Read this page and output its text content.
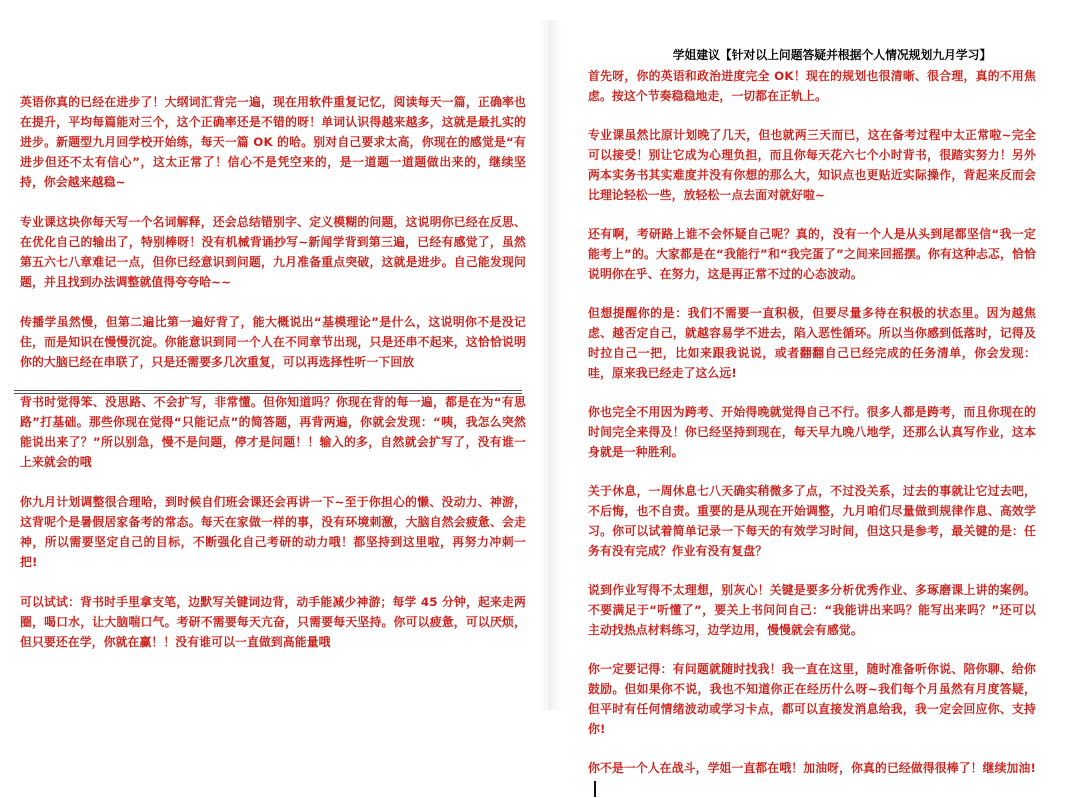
英语你真的已经在进步了！大纲词汇背完一遍，现在用软件重复记忆，阅读每天一篇，正确率也在提升，平均每篇能对三个，这个正确率还是不错的呀！单词认识得越来越多，这就是最扎实的进步。新题型九月回学校开始练，每天一篇 OK 的哈。别对自己要求太高，你现在的感觉是“有进步但还不太有信心”，这太正常了！信心不是凭空来的，是一道题一道题做出来的，继续坚持，你会越来越稳~

专业课这块你每天写一个名词解释，还会总结错别字、定义模糊的问题，这说明你已经在反思、在优化自己的输出了，特别棒呀！没有机械背诵抄写~新闻学背到第三遍，已经有感觉了，虽然第五六七八章难记一点，但你已经意识到问题，九月准备重点突破，这就是进步。自己能发现问题，并且找到办法调整就值得夸夸哈~~

传播学虽然慢，但第二遍比第一遍好背了，能大概说出“基模理论”是什么，这说明你不是没记住，而是知识在慢慢沉淀。你能意识到同一个人在不同章节出现，只是还串不起来，这恰恰说明你的大脑已经在串联了，只是还需要多几次重复，可以再选择性听一下回放

背书时觉得笨、没思路、不会扩写，非常懂。但你知道吗？你现在背的每一遍，都是在为“有思路”打基础。那些你现在觉得“只能记点”的简答题，再背两遍，你就会发现：“咦，我怎么突然能说出来了？”所以别急，慢不是问题，停才是问题！！输入的多，自然就会扩写了，没有谁一上来就会的哦

你九月计划调整很合理哈，到时候自们班会课还会再讲一下~至于你担心的懒、没动力、神游，这背呢个是暑假居家备考的常态。每天在家做一样的事，没有环境刺激，大脑自然会疲惫、会走神，所以需要坚定自己的目标，不断强化自己考研的动力哦！都坚持到这里啦，再努力冲刺一把!

可以试试：背书时手里拿支笔，边默写关键词边背，动手能减少神游；每学 45 分钟，起来走两圈，喝口水，让大脑喘口气。考研不需要每天亢奋，只需要每天坚持。你可以疲惫，可以厌烦，但只要还在学，你就在赢！！没有谁可以一直做到高能量哦

学姐建议【针对以上问题答疑并根据个人情况规划九月学习】

首先呀，你的英语和政治进度完全 OK！现在的规划也很清晰、很合理，真的不用焦虑。按这个节奏稳稳地走，一切都在正轨上。

专业课虽然比原计划晚了几天，但也就两三天而已，这在备考过程中太正常啦~完全可以接受！别让它成为心理负担，而且你每天花六七个小时背书，很踏实努力！另外两本实务书其实难度并没有你想的那么大，知识点也更贴近实际操作，背起来反而会比理论轻松一些，放轻松一点去面对就好啦~

还有啊，考研路上谁不会怀疑自己呢？真的，没有一个人是从头到尾都坚信“我一定能考上”的。大家都是在“我能行”和“我完蛋了”之间来回摇摆。你有这种忐忑，恰恰说明你在乎、在努力，这是再正常不过的心态波动。

但想提醒你的是：我们不需要一直积极，但要尽量多待在积极的状态里。因为越焦虑、越否定自己，就越容易学不进去，陷入恶性循环。所以当你感到低落时，记得及时拉自己一把，比如来跟我说说，或者翻翻自己已经完成的任务清单，你会发现：哇，原来我已经走了这么远!

你也完全不用因为跨考、开始得晚就觉得自己不行。很多人都是跨考，而且你现在的时间完全来得及！你已经坚持到现在，每天早九晚八地学，还那么认真写作业，这本身就是一种胜利。

关于休息，一周休息七八天确实稍微多了点，不过没关系，过去的事就让它过去吧，不后悔，也不自责。重要的是从现在开始调整，九月咱们尽量做到规律作息、高效学习。你可以试着简单记录一下每天的有效学习时间，但这只是参考，最关键的是：任务有没有完成？作业有没有复盘？

说到作业写得不太理想，别灰心！关键是要多分析优秀作业、多琢磨课上讲的案例。不要满足于“听懂了”，要关上书问问自己：“我能讲出来吗？能写出来吗？”还可以主动找热点材料练习，边学边用，慢慢就会有感觉。

你一定要记得：有问题就随时找我！我一直在这里，随时准备听你说、陪你聊、给你鼓励。但如果你不说，我也不知道你正在经历什么呀~我们每个月虽然有月度答疑，但平时有任何情绪波动或学习卡点，都可以直接发消息给我，我一定会回应你、支持你!

你不是一个人在战斗，学姐一直都在哦！加油呀，你真的已经做得很棒了！继续加油!
